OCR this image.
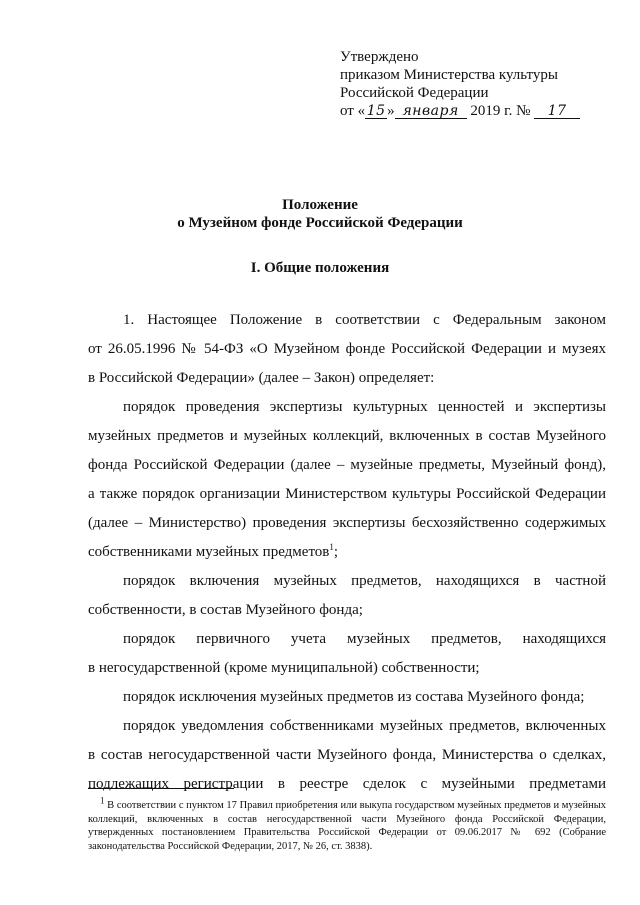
Утверждено
приказом Министерства культуры
Российской Федерации
от « 15 » января 2019 г. № 17
Положение
о Музейном фонде Российской Федерации
I. Общие положения
1. Настоящее Положение в соответствии с Федеральным законом
от 26.05.1996 № 54-ФЗ «О Музейном фонде Российской Федерации и музеях
в Российской Федерации» (далее – Закон) определяет:
порядок проведения экспертизы культурных ценностей и экспертизы
музейных предметов и музейных коллекций, включенных в состав Музейного
фонда Российской Федерации (далее – музейные предметы, Музейный фонд),
а также порядок организации Министерством культуры Российской Федерации
(далее – Министерство) проведения экспертизы бесхозяйственно содержимых
собственниками музейных предметов$^1$;
порядок включения музейных предметов, находящихся в частной
собственности, в состав Музейного фонда;
порядок первичного учета музейных предметов, находящихся
в негосударственной (кроме муниципальной) собственности;
порядок исключения музейных предметов из состава Музейного фонда;
порядок уведомления собственниками музейных предметов, включенных
в состав негосударственной части Музейного фонда, Министерства о сделках,
подлежащих регистрации в реестре сделок с музейными предметами
$^1$ В соответствии с пунктом 17 Правил приобретения или выкупа государством музейных предметов и музейных
коллекций, включенных в состав негосударственной части Музейного фонда Российской Федерации,
утвержденных постановлением Правительства Российской Федерации от 09.06.2017 № 692 (Собрание
законодательства Российской Федерации, 2017, № 26, ст. 3838).
